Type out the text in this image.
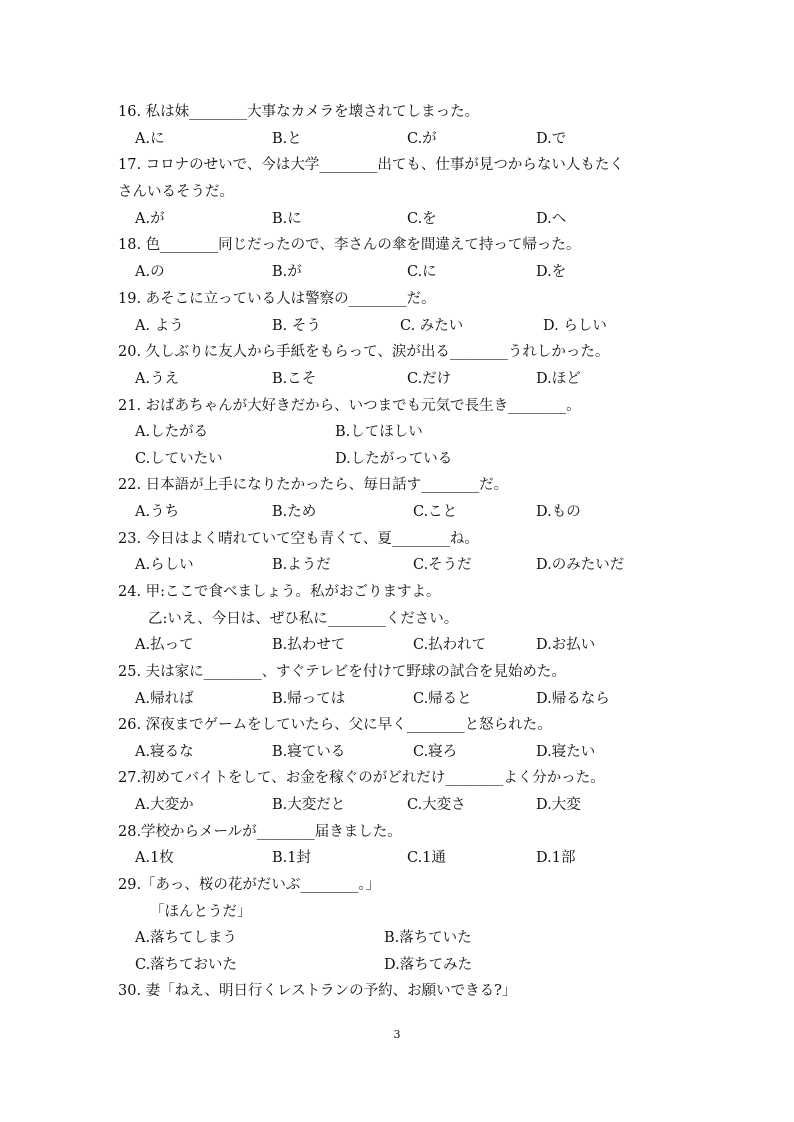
16. 私は妹________大事なカメラを壊されてしまった。
A.に	B.と	C.が	D.で
17. コロナのせいで、今は大学________出ても、仕事が見つからない人もたく
さんいるそうだ。
A.が	B.に	C.を	D.へ
18. 色________同じだったので、李さんの傘を間違えて持って帰った。
A.の	B.が	C.に	D.を
19. あそこに立っている人は警察の________だ。
A. よう	B. そう	C. みたい	D. らしい
20. 久しぶりに友人から手紙をもらって、涙が出る________うれしかった。
A.うえ	B.こそ	C.だけ	D.ほど
21. おばあちゃんが大好きだから、いつまでも元気で長生き________。
A.したがる	B.してほしい
C.していたい	D.したがっている
22. 日本語が上手になりたかったら、毎日話す________だ。
A.うち	B.ため	C.こと	D.もの
23. 今日はよく晴れていて空も青くて、夏________ね。
A.らしい	B.ようだ	C.そうだ	D.のみたいだ
24. 甲:ここで食べましょう。私がおごりますよ。
乙:いえ、今日は、ぜひ私に________ください。
A.払って	B.払わせて	C.払われて	D.お払い
25. 夫は家に________、すぐテレビを付けて野球の試合を見始めた。
A.帰れば	B.帰っては	C.帰ると	D.帰るなら
26. 深夜までゲームをしていたら、父に早く________と怒られた。
A.寝るな	B.寝ている	C.寝ろ	D.寝たい
27.初めてバイトをして、お金を稼ぐのがどれだけ________よく分かった。
A.大変か	B.大変だと	C.大変さ	D.大変
28.学校からメールが________届きました。
A.1枚	B.1封	C.1通	D.1部
29.「あっ、桜の花がだいぶ________。」
「ほんとうだ」
A.落ちてしまう	B.落ちていた
C.落ちておいた	D.落ちてみた
30. 妻「ねえ、明日行くレストランの予約、お願いできる?」
3
